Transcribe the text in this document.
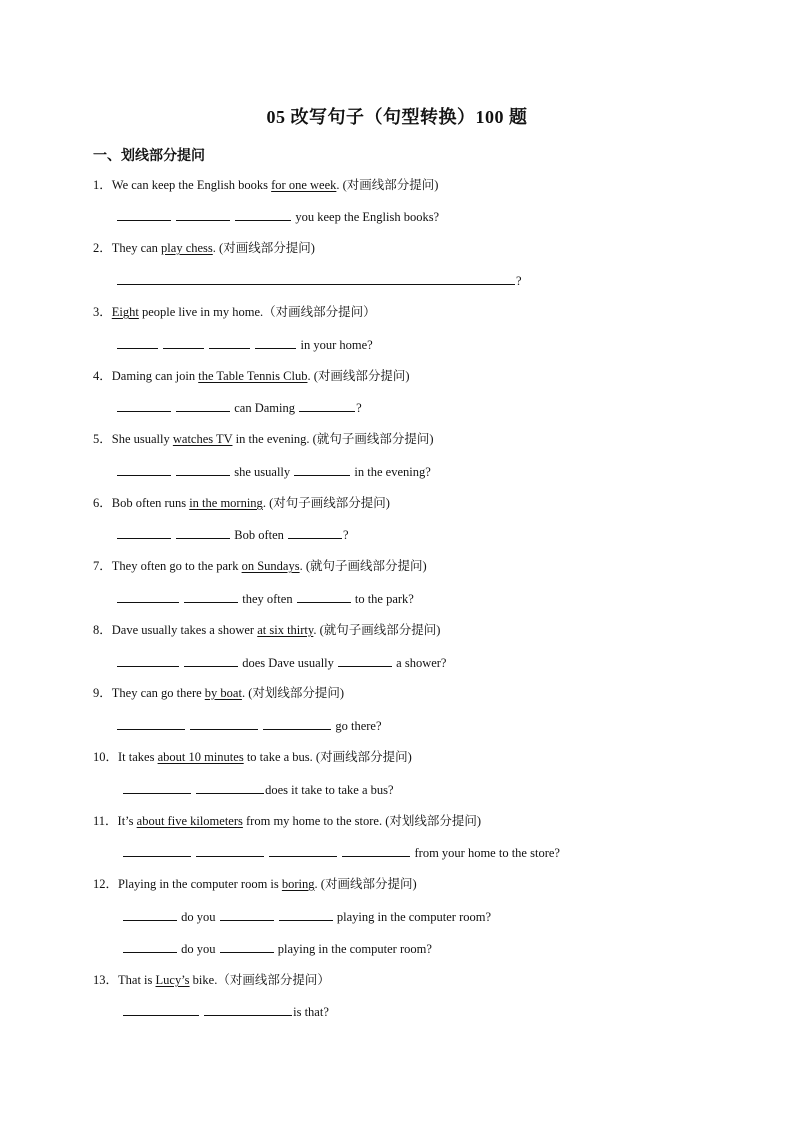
05 改写句子（句型转换）100 题
一、划线部分提问
1．We can keep the English books for one week. (对画线部分提问)
you keep the English books?
2．They can play chess. (对画线部分提问)
?
3．Eight people live in my home.（对画线部分提问）
in your home?
4．Daming can join the Table Tennis Club. (对画线部分提问)
can Daming	?
5．She usually watches TV in the evening. (就句子画线部分提问)
she usually	in the evening?
6．Bob often runs in the morning. (对句子画线部分提问)
Bob often	?
7．They often go to the park on Sundays. (就句子画线部分提问)
they often	to the park?
8．Dave usually takes a shower at six thirty. (就句子画线部分提问)
does Dave usually	a shower?
9．They can go there by boat. (对划线部分提问)
go there?
10．It takes about 10 minutes to take a bus. (对画线部分提问)
does it take to take a bus?
11．It’s about five kilometers from my home to the store. (对划线部分提问)
from your home to the store?
12．Playing in the computer room is boring. (对画线部分提问)
do you	playing in the computer room?
do you	playing in the computer room?
13．That is Lucy’s bike.（对画线部分提问）
is that?
